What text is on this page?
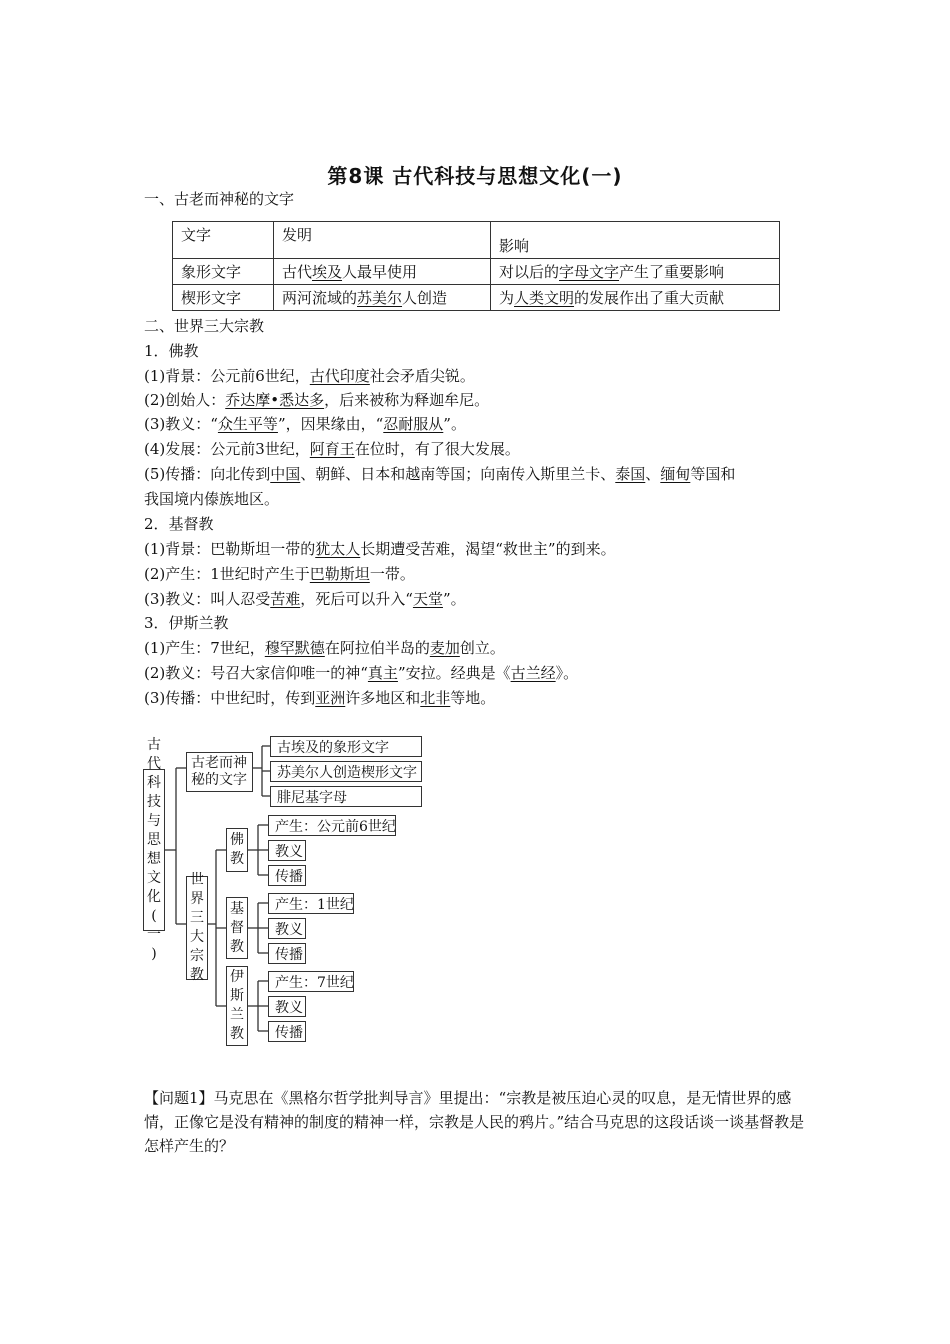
第8课 古代科技与思想文化(一)
一、古老而神秘的文字
文字	发明	影响
象形文字	古代埃及人最早使用	对以后的字母文字产生了重要影响
楔形文字	两河流域的苏美尔人创造	为人类文明的发展作出了重大贡献
二、世界三大宗教
1．佛教
(1)背景：公元前6世纪，古代印度社会矛盾尖锐。
(2)创始人：乔达摩•悉达多，后来被称为释迦牟尼。
(3)教义：“众生平等”，因果缘由，“忍耐服从”。
(4)发展：公元前3世纪，阿育王在位时，有了很大发展。
(5)传播：向北传到中国、朝鲜、日本和越南等国；向南传入斯里兰卡、泰国、缅甸等国和
我国境内傣族地区。
2．基督教
(1)背景：巴勒斯坦一带的犹太人长期遭受苦难，渴望“救世主”的到来。
(2)产生：1世纪时产生于巴勒斯坦一带。
(3)教义：叫人忍受苦难，死后可以升入“天堂”。
3．伊斯兰教
(1)产生：7世纪，穆罕默德在阿拉伯半岛的麦加创立。
(2)教义：号召大家信仰唯一的神“真主”安拉。经典是《古兰经》。
(3)传播：中世纪时，传到亚洲许多地区和北非等地。
古
代
科
技
与
思
想
文
化
(
一
)
古老而神秘的文字
古埃及的象形文字
苏美尔人创造楔形文字
腓尼基字母
世
界
三
大
宗
教
佛
教
产生：公元前6世纪
教义
传播
基
督
教
产生：1世纪
教义
传播
伊
斯
兰
教
产生：7世纪
教义
传播
【问题1】马克思在《黑格尔哲学批判导言》里提出：“宗教是被压迫心灵的叹息，是无情世界的感情，正像它是没有精神的制度的精神一样，宗教是人民的鸦片。”结合马克思的这段话谈一谈基督教是怎样产生的？
